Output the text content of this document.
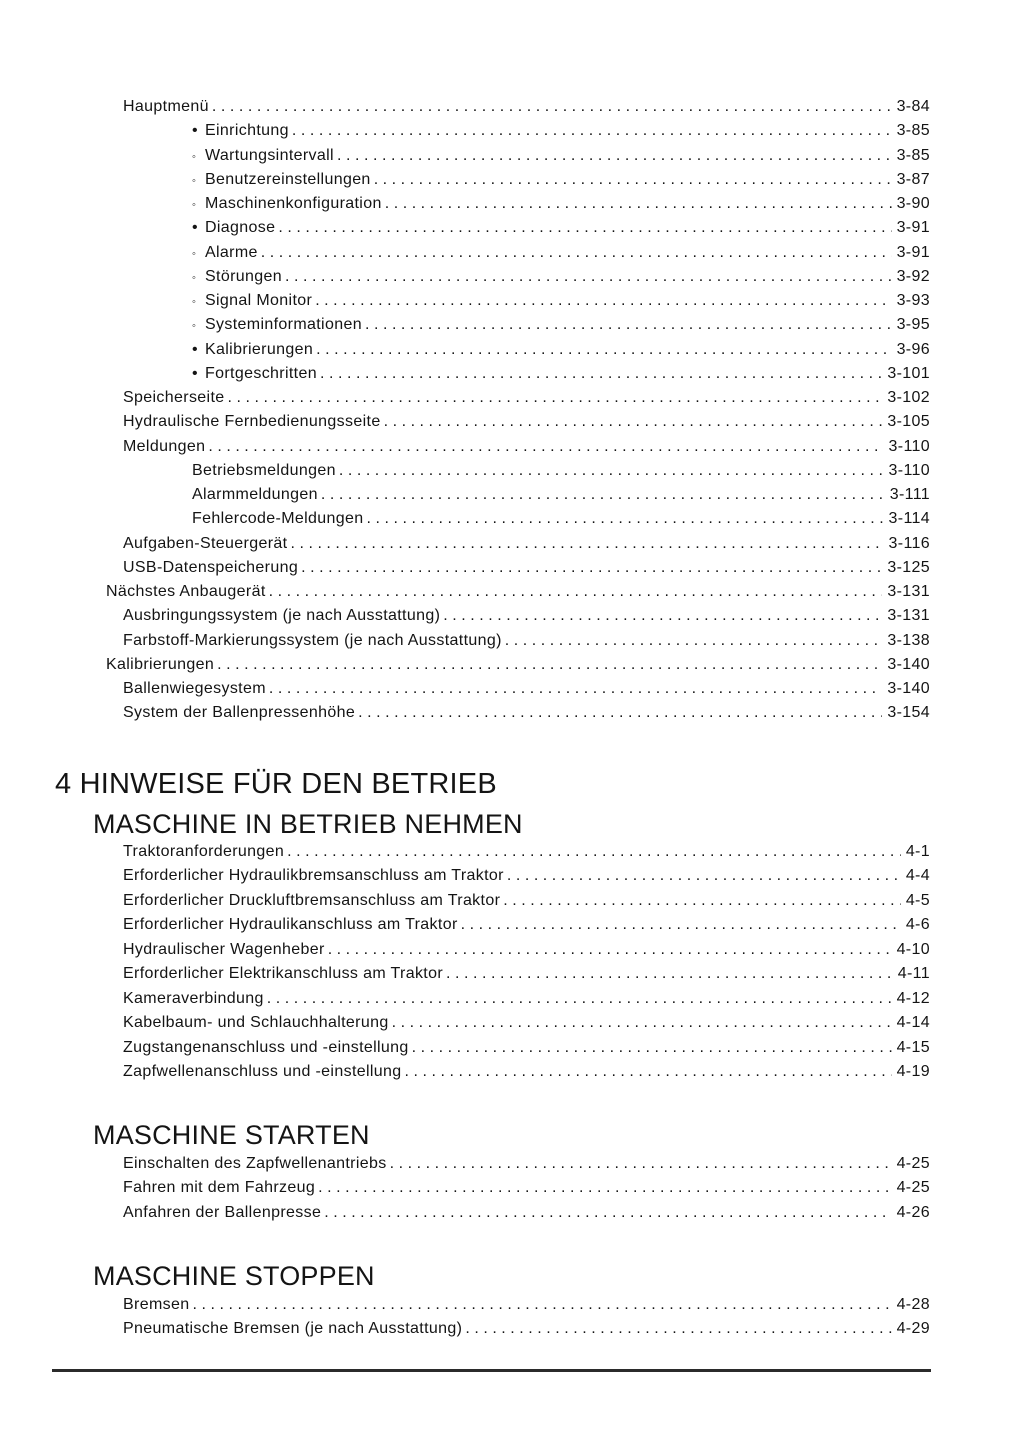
Hauptmenü .....	3-84
• Einrichtung .....	3-85
◦ Wartungsintervall .....	3-85
◦ Benutzereinstellungen .....	3-87
◦ Maschinenkonfiguration .....	3-90
• Diagnose .....	3-91
◦ Alarme .....	3-91
◦ Störungen .....	3-92
◦ Signal Monitor .....	3-93
◦ Systeminformationen .....	3-95
• Kalibrierungen .....	3-96
• Fortgeschritten .....	3-101
Speicherseite .....	3-102
Hydraulische Fernbedienungsseite .....	3-105
Meldungen .....	3-110
Betriebsmeldungen .....	3-110
Alarmmeldungen .....	3-111
Fehlercode-Meldungen .....	3-114
Aufgaben-Steuergerät .....	3-116
USB-Datenspeicherung .....	3-125
Nächstes Anbaugerät .....	3-131
Ausbringungssystem (je nach Ausstattung) .....	3-131
Farbstoff-Markierungssystem (je nach Ausstattung) .....	3-138
Kalibrierungen .....	3-140
Ballenwiegesystem .....	3-140
System der Ballenpressenhöhe .....	3-154
4 HINWEISE FÜR DEN BETRIEB
MASCHINE IN BETRIEB NEHMEN
Traktoranforderungen .....	4-1
Erforderlicher Hydraulikbremsanschluss am Traktor .....	4-4
Erforderlicher Druckluftbremsanschluss am Traktor .....	4-5
Erforderlicher Hydraulikanschluss am Traktor .....	4-6
Hydraulischer Wagenheber .....	4-10
Erforderlicher Elektrikanschluss am Traktor .....	4-11
Kameraverbindung .....	4-12
Kabelbaum- und Schlauchhalterung .....	4-14
Zugstangenanschluss und -einstellung .....	4-15
Zapfwellenanschluss und -einstellung .....	4-19
MASCHINE STARTEN
Einschalten des Zapfwellenantriebs .....	4-25
Fahren mit dem Fahrzeug .....	4-25
Anfahren der Ballenpresse .....	4-26
MASCHINE STOPPEN
Bremsen .....	4-28
Pneumatische Bremsen (je nach Ausstattung) .....	4-29
